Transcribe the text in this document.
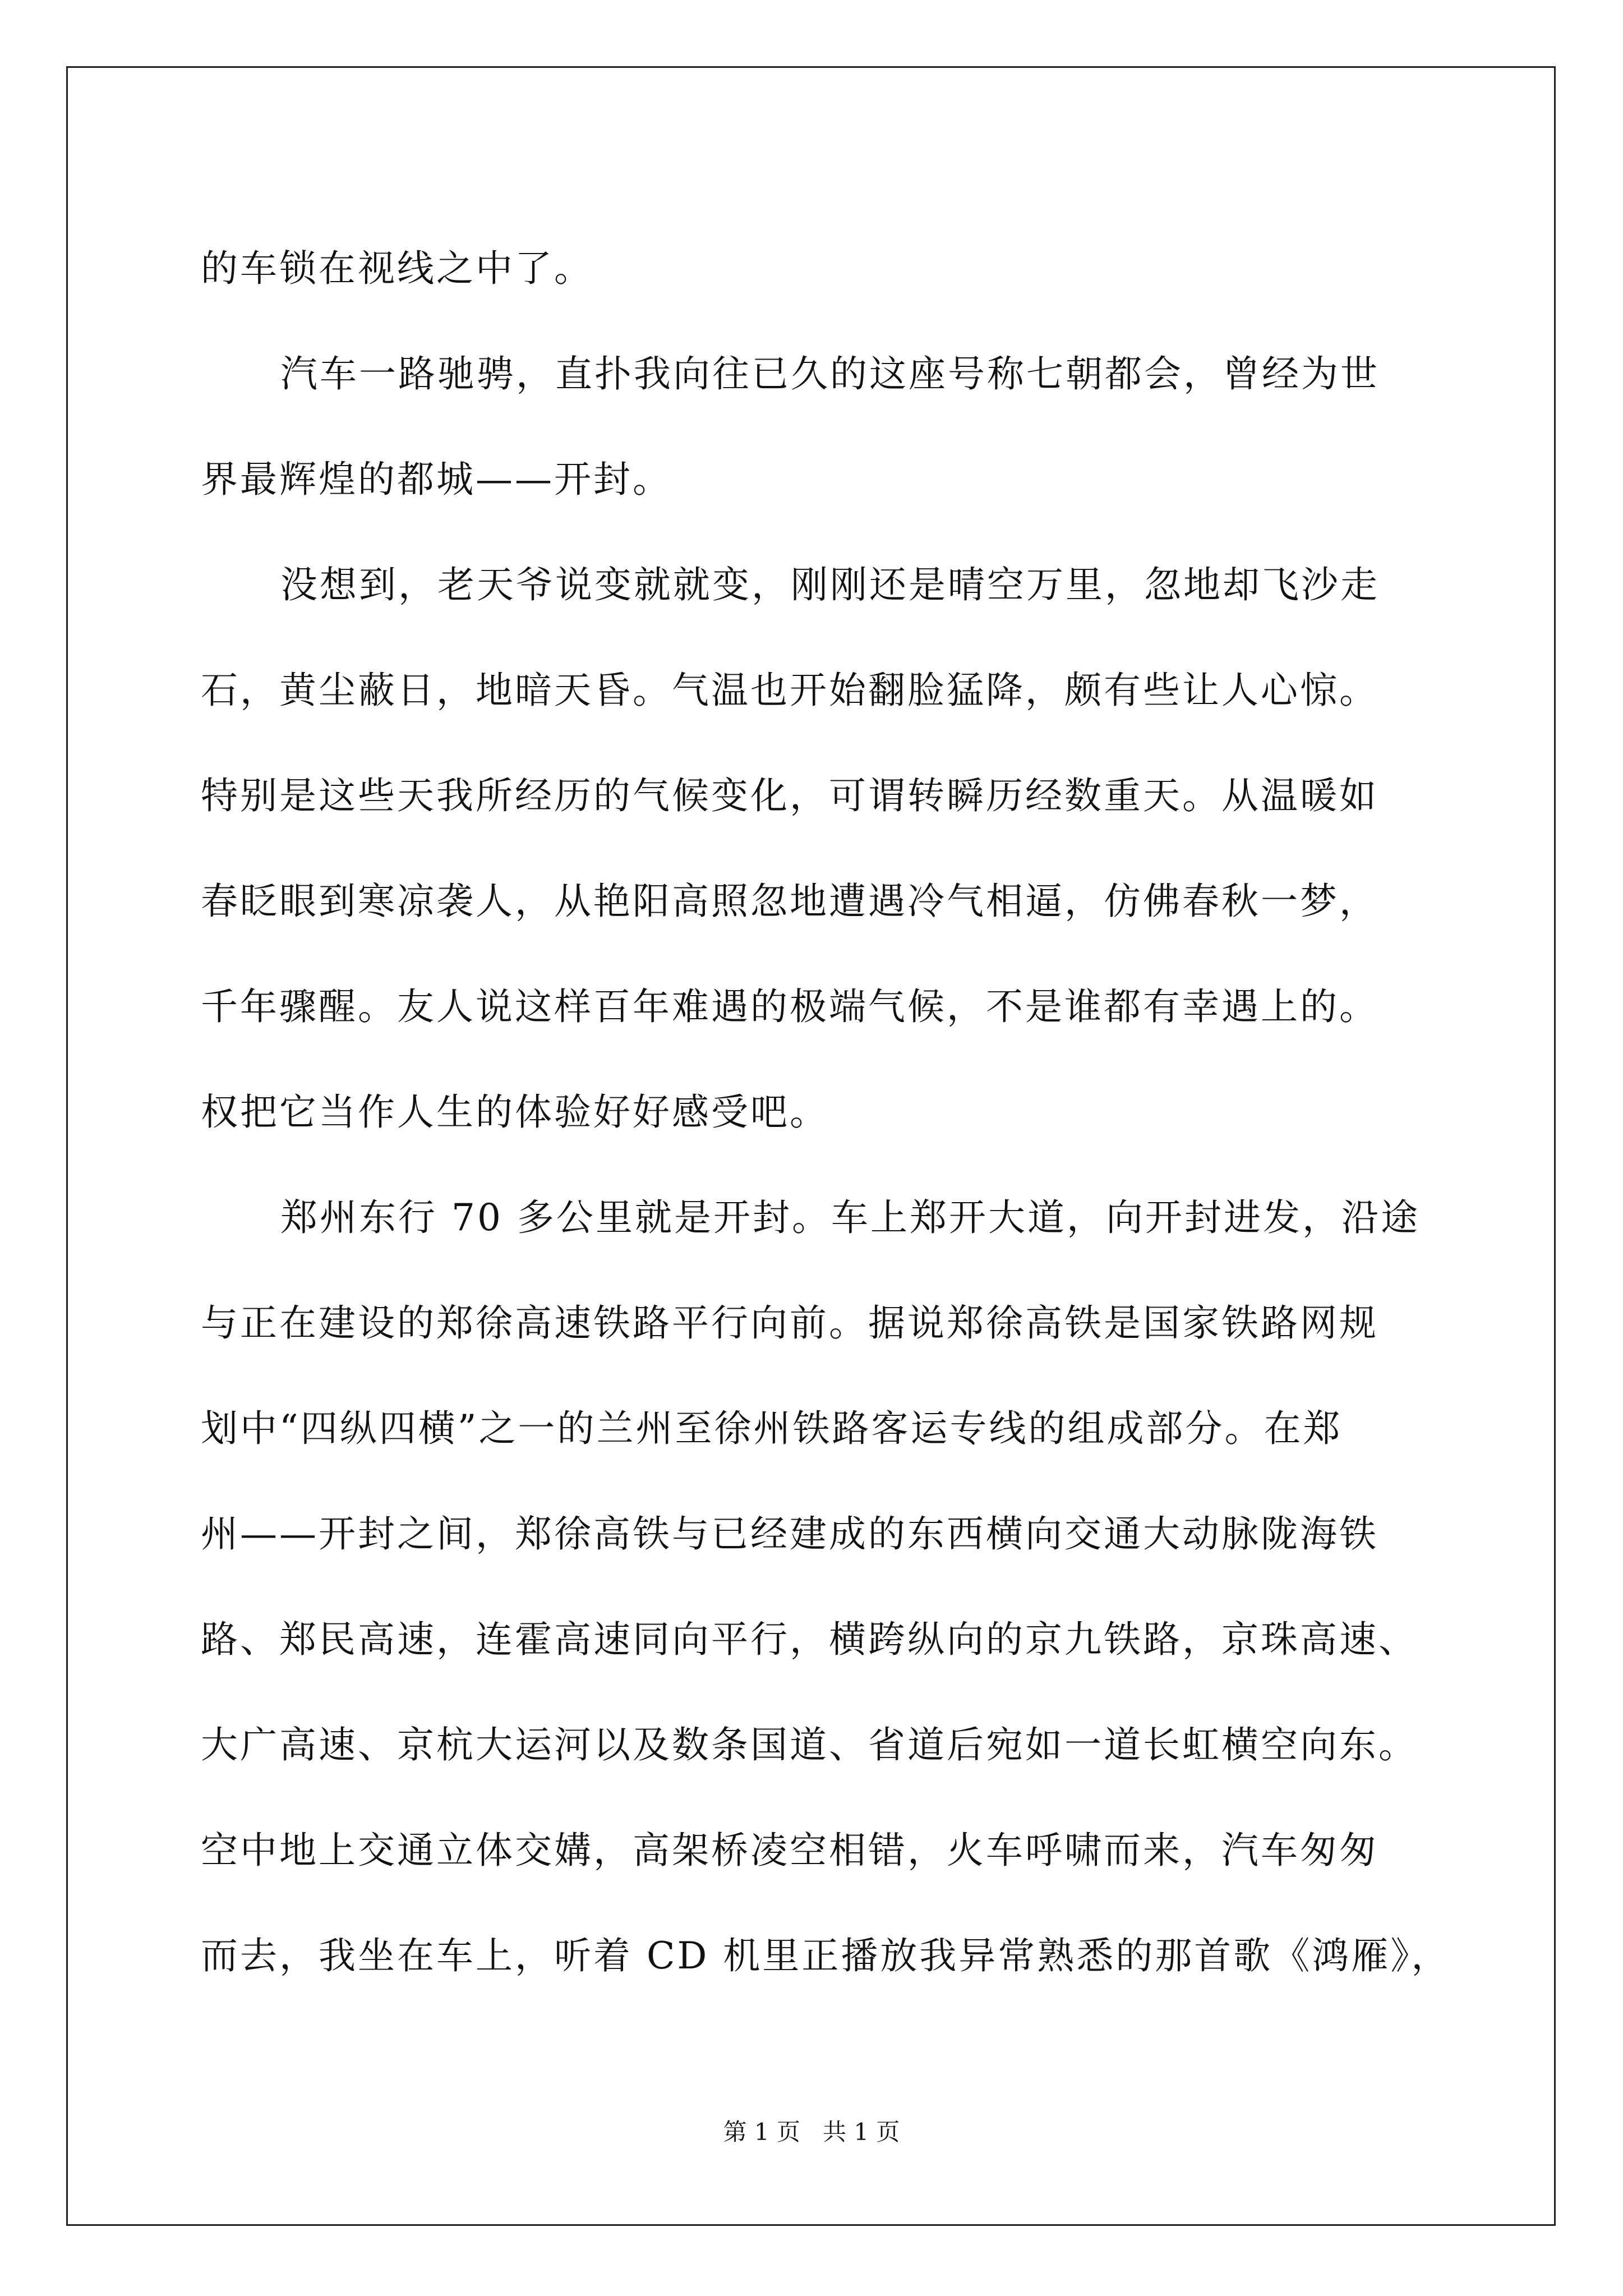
的车锁在视线之中了。
汽车一路驰骋，直扑我向往已久的这座号称七朝都会，曾经为世
界最辉煌的都城——开封。
没想到，老天爷说变就就变，刚刚还是晴空万里，忽地却飞沙走
石，黄尘蔽日，地暗天昏。气温也开始翻脸猛降，颇有些让人心惊。
特别是这些天我所经历的气候变化，可谓转瞬历经数重天。从温暖如
春眨眼到寒凉袭人，从艳阳高照忽地遭遇冷气相逼，仿佛春秋一梦，
千年骤醒。友人说这样百年难遇的极端气候，不是谁都有幸遇上的。
权把它当作人生的体验好好感受吧。
郑州东行 70 多公里就是开封。车上郑开大道，向开封进发，沿途
与正在建设的郑徐高速铁路平行向前。据说郑徐高铁是国家铁路网规
划中“四纵四横”之一的兰州至徐州铁路客运专线的组成部分。在郑
州——开封之间，郑徐高铁与已经建成的东西横向交通大动脉陇海铁
路、郑民高速，连霍高速同向平行，横跨纵向的京九铁路，京珠高速、
大广高速、京杭大运河以及数条国道、省道后宛如一道长虹横空向东。
空中地上交通立体交媾，高架桥凌空相错，火车呼啸而来，汽车匆匆
而去，我坐在车上，听着 CD 机里正播放我异常熟悉的那首歌《鸿雁》，
第 1 页 共 1 页
